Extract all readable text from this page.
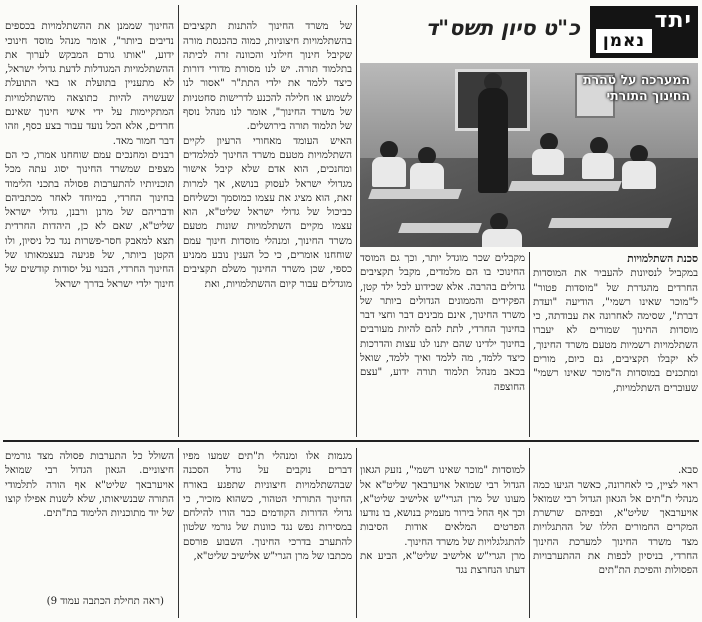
יתד
נאמן
כ"ט סיון תשס"ד
המערכה על טהרת
החינוך התורתי

סכנת השתלמויות

במקביל לנסיונות להעביר את המוסדות החרדים מהגדרת של "מוסדות פטור" ל"מוכר שאינו רשמי", הודיעה "ועדת דברת", שסימה לאחרונה את עבודתה, כי מוסדות החינוך שמורים לא יעברו השתלמויות רשמיות מטעם משרד החינוך, לא יקבלו תקציבים, גם כיום, מורים ומתכנים במוסדות ה"מוכר שאינו רשמי" שעוברים השתלמויות,

מקבלים שכר מוגדל יותר, וכך גם המוסד החינוכי בו הם מלמדים, מקבל תקציבים גדולים בהרבה. אלא שכידוע לכל ילד קטן, הפקידים והממונים הגדולים ביותר של משרד החינוך, אינם מבינים דבר וחצי דבר בחינוך החרדי, לתת להם להיות מעורבים בחינוך ילדינו שהם יתנו לנו עצות והדרכות כיצד ללמד, מה ללמד ואיך ללמד, שואל בכאב מנהל תלמוד תורה ידוע, "עצם החוצפה

של משרד החינוך להתנות תקציבים בהשתלמויות חיצוניות, כמוה כהכנסת מורה שקיבל חינוך חילוני והכוונה זרה לכיתה בתלמוד תורה. יש לנו מסורת מדורי דורות כיצד ללמד את ילדי התת"ר "אסור לנו לשמוע או חלילה להכנע לדרישות סחטניות של משרד החינוך", אומר לנו מנהל נוסף של תלמוד תורה בירושלים.
האיש העומד מאחורי הרעיון לקיים השתלמויות מטעם משרד החינוך למלמדים ומחנכים, הוא אדם שלא קיבל אישור מגדולי ישראל לעסוק בנושא, אך למרות זאת, הוא מציג את עצמו כמוסמך וכשליחם כביכול של גדולי ישראל שליט"א, הוא עצמו מקיים השתלמויות שונות מטעם משרד החינוך, ומנהלי מוסדות חינוך עמם שוחחנו אומרים, כי כל הענין נובע ממניע כספי, שכן משרד החינוך משלם תקציבים מוגדלים עבור קיום ההשתלמויות, ואת

החינוך שממנן את ההשתלמויות בכספים נדיבים ביותר", אומר מנהל מוסד חינוכי ידוע, "אותו גורם המבקש לערוך את ההשתלמויות המגודלות לדעת גדולי ישראל, לא מתעניין בתועלת או באי התועלת שעשויה להיות כתוצאה מהשתלמויות המתקיימות על ידי אישי חינוך שאינם חרדים, אלא הכל נועד עבור בצע כסף, וזהו דבר חמור מאד.
רבנים ומחנכים עמם שוחחנו אמרו, כי הם מצפים שמשרד החינוך יסוג עתה מכל תוכניותיו להתערבות פסולה בתכני הלימוד בחינוך החרדי, במיוחד לאחר מכתביהם ודבריהם של מרנן ורבנן, גדולי ישראל שליט"א, שאם לא כן, היהדות החרדית תצא למאבק חסר-פשרות נגד כל ניסיון, ולו הקטן ביותר, של פגיעה בעצמאותו של החינוך החרדי, הבנוי על יסודות קודשים של חינוך ילדי ישראל בדרך ישראל

סבא.
ראוי לציין, כי לאחרונה, כאשר הגיעו כמה מנהלי ת"תים אל הגאון הגדול רבי שמואל אויערבאך שליט"א, ובפיהם שרשרת המקרים החמורים הללו של ההתגלויות מצד משרד החינוך למערכת החינוך החרדי, בניסיון לכפות את ההתערבויות הפסולות והפיכת הת"תים

למוסדות "מוכר שאינו רשמי", נזעק הגאון הגדול רבי שמואל אויערבאך שליט"א אל מעונו של מרן הגרי"ש אלישיב שליט"א, וכך אף החל בירור מעמיק בנושא, בו נודעו הפרטים המלאים אודות הסיבות להתגלגלויות של משרד החינוך.
מרן הגרי"ש אלישיב שליט"א, הביע את דעתו הנחרצת נגד

מגמות אלו ומנהלי ת"תים שמעו מפיו דברים נוקבים על גודל הסכנה שבהשתלמויות חיצוניות שתפגע באורח החינוך התורתי הטהור, כשהוא מזכיר, כי גדולי הדורות הקודמים כבר הורו להילחם במסירות נפש נגד כוונות של גורמי שלטון להתערב בדרכי החינוך. השבוע פורסם מכתבו של מרן הגרי"ש אלישיב שליט"א,

השולל כל התערבות פסולה מצד גורמים חיצוניים. הגאון הגדול רבי שמואל אויערבאך שליט"א אף הורה לתלמודי התורה שבנשיאותו, שלא לשנות אפילו קוצו של יוד מתוכניות הלימוד בת"תים.

(ראה תחילת הכתבה עמוד 9)
